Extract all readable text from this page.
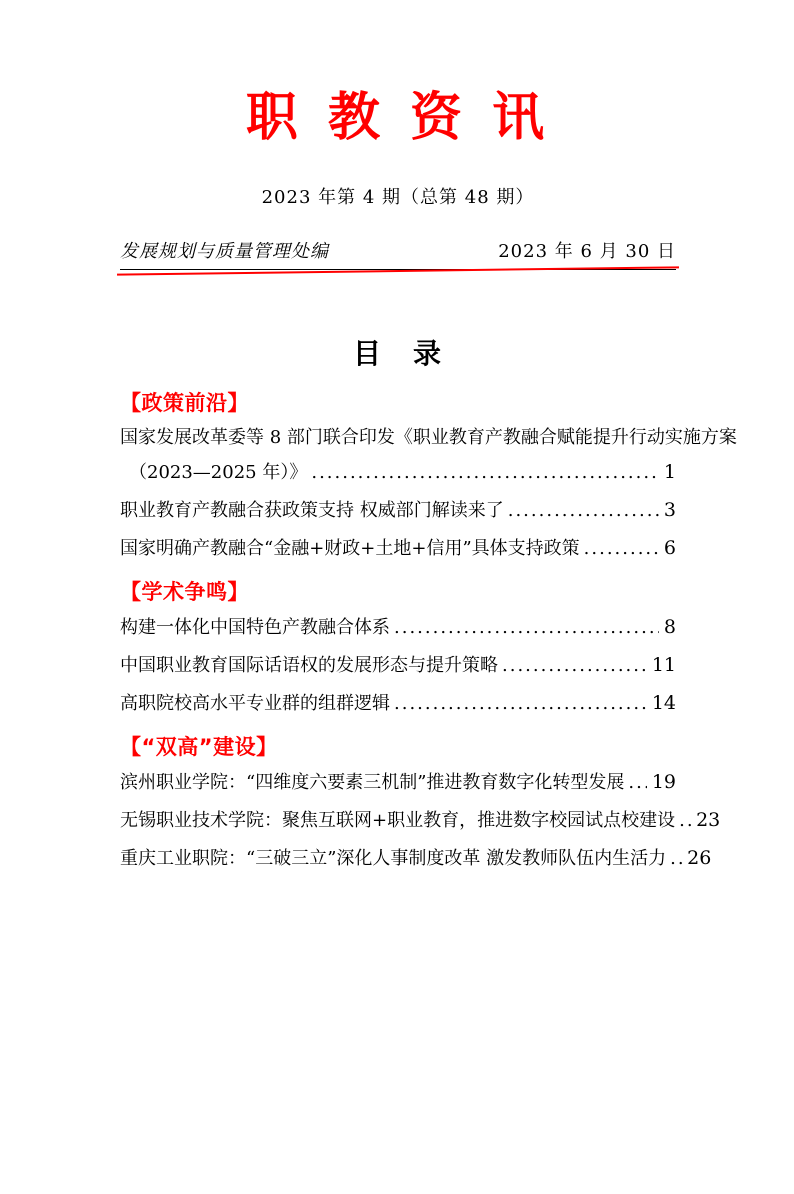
职 教 资 讯
2023 年第 4 期（总第 48 期）
发展规划与质量管理处编	2023 年 6 月 30 日
目　录
【政策前沿】
国家发展改革委等 8 部门联合印发《职业教育产教融合赋能提升行动实施方案
（2023—2025 年）》 .....	1
职业教育产教融合获政策支持 权威部门解读来了 .....	3
国家明确产教融合“金融+财政+土地+信用”具体支持政策 .....	6
【学术争鸣】
构建一体化中国特色产教融合体系 .....	8
中国职业教育国际话语权的发展形态与提升策略 .....	11
高职院校高水平专业群的组群逻辑 .....	14
【“双高”建设】
滨州职业学院：“四维度六要素三机制”推进教育数字化转型发展 ..... 19
无锡职业技术学院：聚焦互联网+职业教育，推进数字校园试点校建设 ..... 23
重庆工业职院：“三破三立”深化人事制度改革 激发教师队伍内生活力 ..... 26
